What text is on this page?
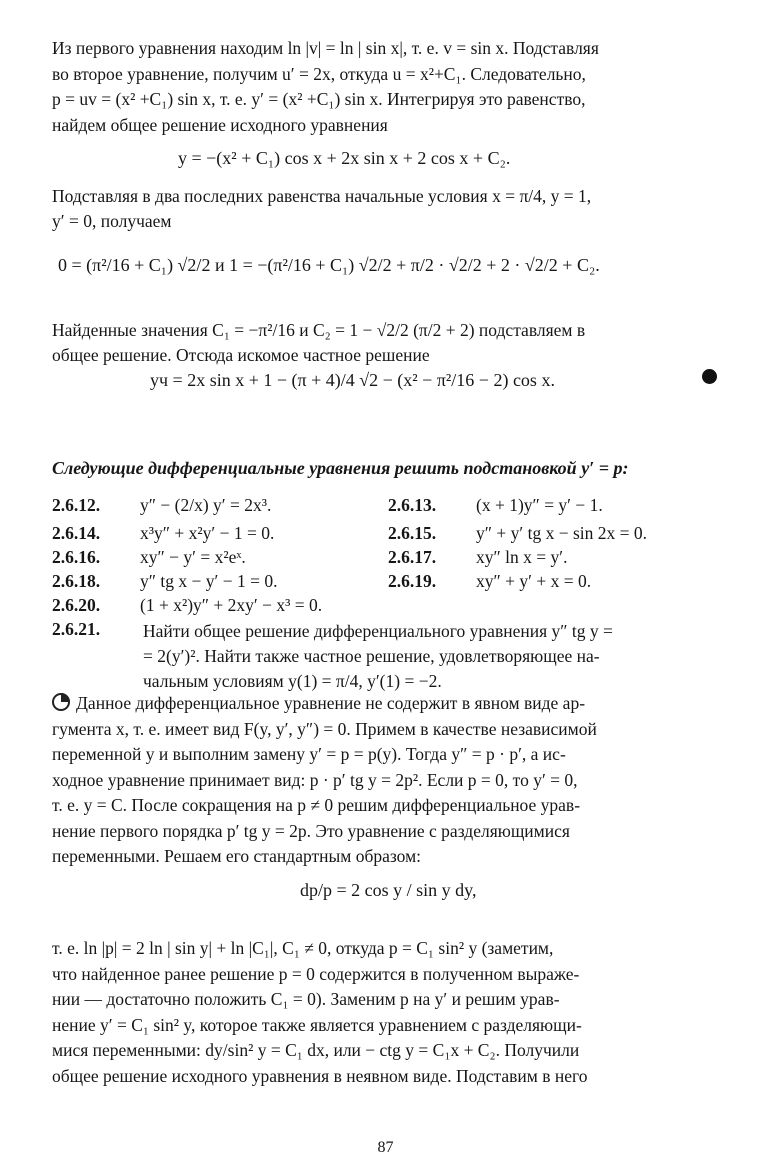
Из первого уравнения находим ln |v| = ln | sin x|, т. е. v = sin x. Подставляя
во второе уравнение, получим u′ = 2x, откуда u = x²+C₁. Следовательно,
p = uv = (x² +C₁) sin x, т. е. y′ = (x² +C₁) sin x. Интегрируя это равенство,
найдем общее решение исходного уравнения
y = −(x² + C₁) cos x + 2x sin x + 2 cos x + C₂.
Подставляя в два последних равенства начальные условия x = π/4, y = 1,
y′ = 0, получаем
0 = (π²/16 + C₁) √2/2 и 1 = −(π²/16 + C₁) √2/2 + π/2 · √2/2 + 2 · √2/2 + C₂.
Найденные значения C₁ = −π²/16 и C₂ = 1 − √2/2 (π/2 + 2) подставляем в
общее решение. Отсюда искомое частное решение
yч = 2x sin x + 1 − (π + 4)/4 √2 − (x² − π²/16 − 2) cos x.
Следующие дифференциальные уравнения решить подстановкой y′ = p:
2.6.12. y″ − (2/x) y′ = 2x³.	2.6.13. (x + 1)y″ = y′ − 1.
2.6.14. x³y″ + x²y′ − 1 = 0.	2.6.15. y″ + y′ tg x − sin 2x = 0.
2.6.16. xy″ − y′ = x²eˣ.	2.6.17. xy″ ln x = y′.
2.6.18. y″ tg x − y′ − 1 = 0.	2.6.19. xy″ + y′ + x = 0.
2.6.20. (1 + x²)y″ + 2xy′ − x³ = 0.
2.6.21.	Найти общее решение дифференциального уравнения y″ tg y =
= 2(y′)². Найти также частное решение, удовлетворяющее на-
чальным условиям y(1) = π/4, y′(1) = −2.
Данное дифференциальное уравнение не содержит в явном виде ар-
гумента x, т. е. имеет вид F(y, y′, y″) = 0. Примем в качестве независимой
переменной y и выполним замену y′ = p = p(y). Тогда y″ = p · p′, а ис-
ходное уравнение принимает вид: p · p′ tg y = 2p². Если p = 0, то y′ = 0,
т. е. y = C. После сокращения на p ≠ 0 решим дифференциальное урав-
нение первого порядка p′ tg y = 2p. Это уравнение с разделяющимися
переменными. Решаем его стандартным образом:
dp/p = 2 cos y / sin y dy,
т. е. ln |p| = 2 ln | sin y| + ln |C₁|, C₁ ≠ 0, откуда p = C₁ sin² y (заметим,
что найденное ранее решение p = 0 содержится в полученном выраже-
нии — достаточно положить C₁ = 0). Заменим p на y′ и решим урав-
нение y′ = C₁ sin² y, которое также является уравнением с разделяющи-
мися переменными: dy/sin² y = C₁ dx, или − ctg y = C₁x + C₂. Получили
общее решение исходного уравнения в неявном виде. Подставим в него
87
